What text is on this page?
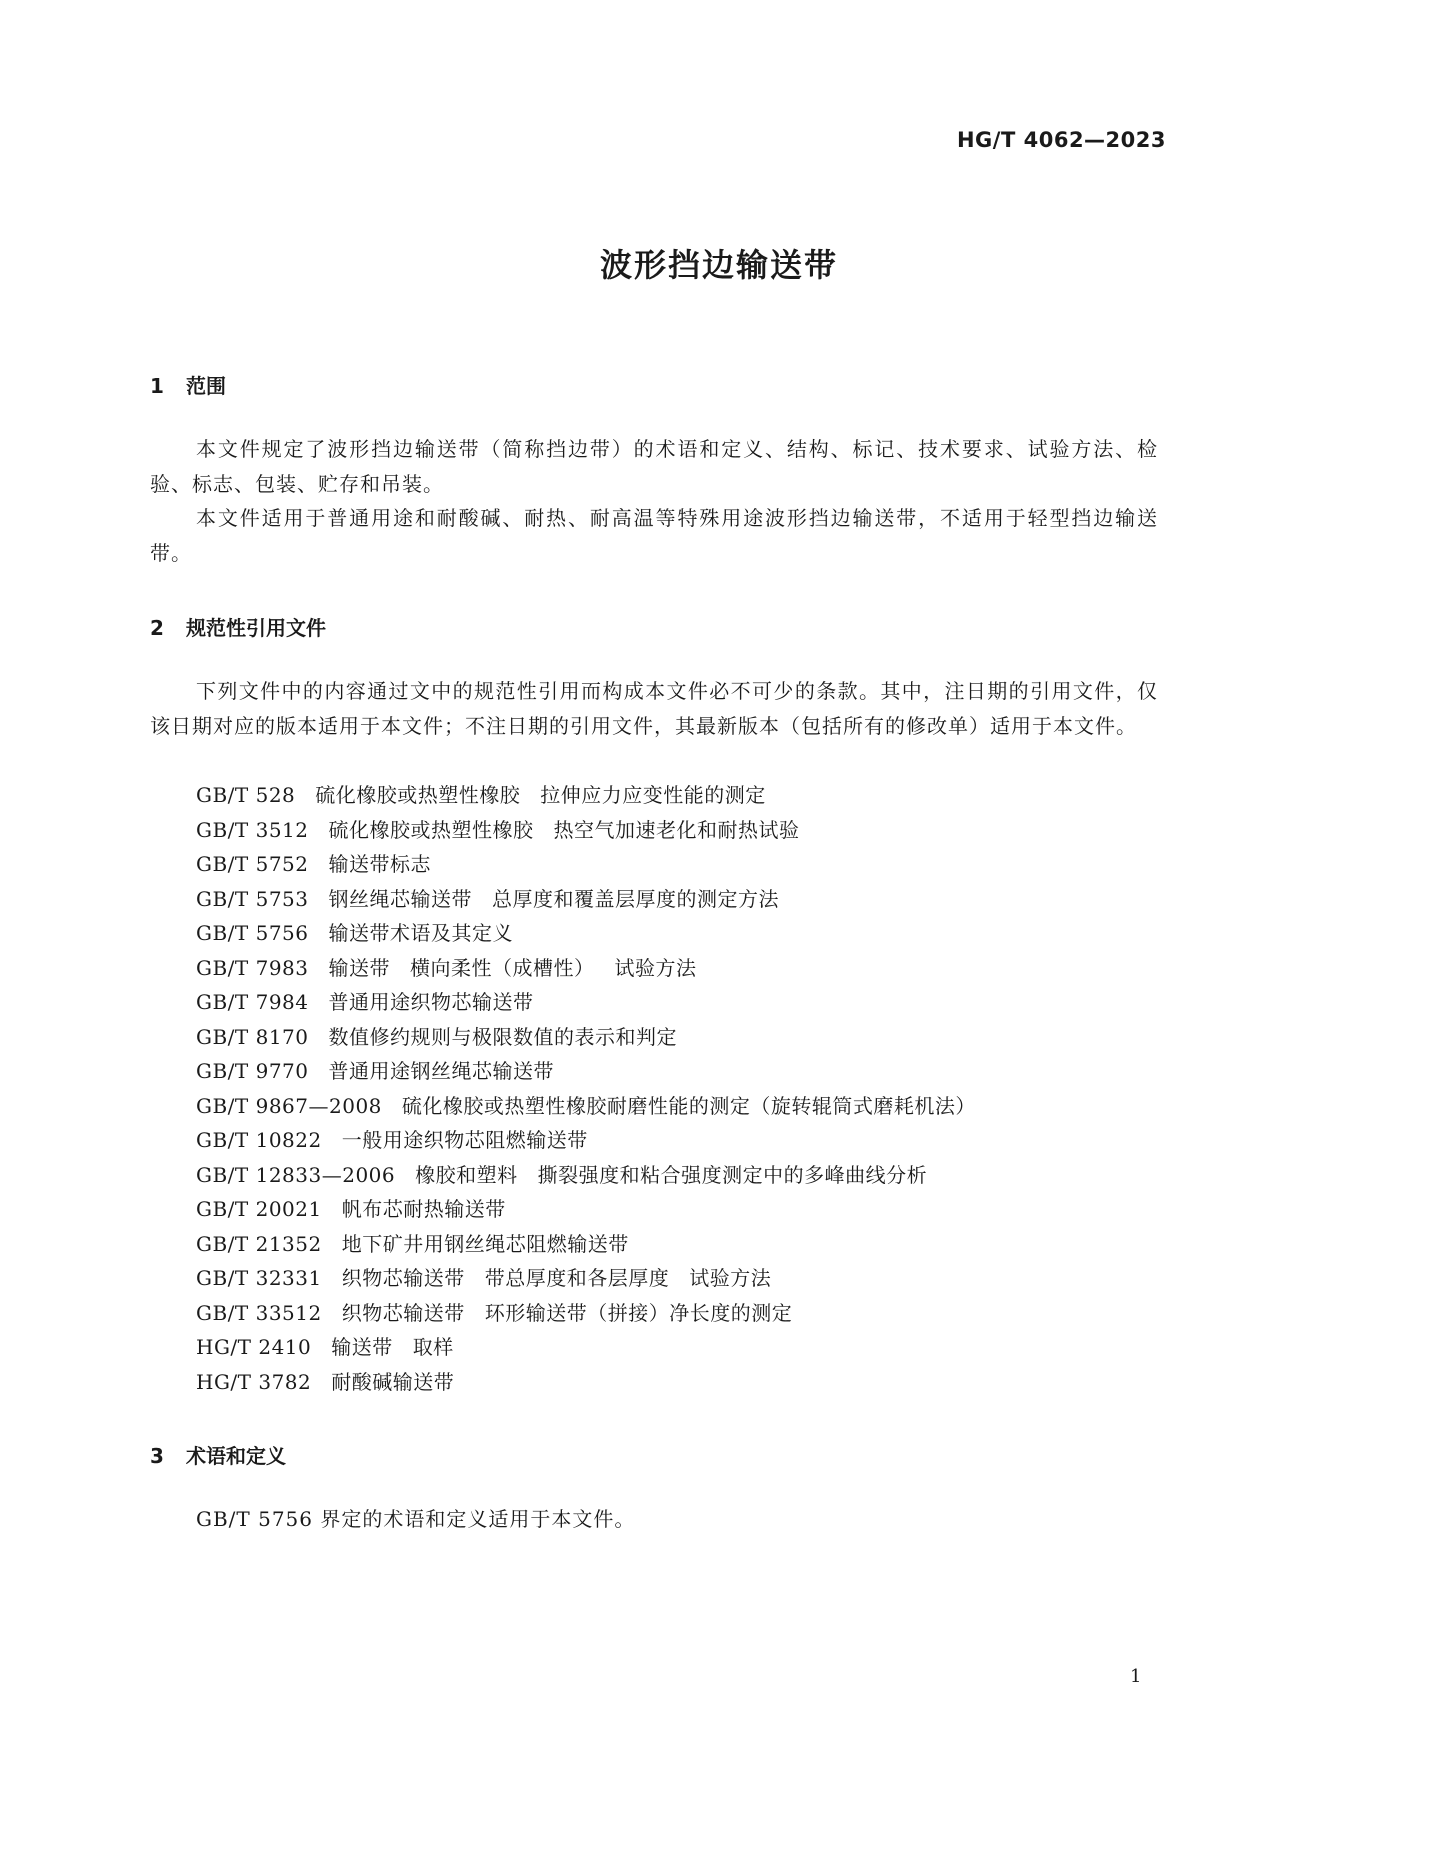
HG/T 4062—2023
波形挡边输送带
1 范围

本文件规定了波形挡边输送带（简称挡边带）的术语和定义、结构、标记、技术要求、试验方法、检验、标志、包装、贮存和吊装。

本文件适用于普通用途和耐酸碱、耐热、耐高温等特殊用途波形挡边输送带，不适用于轻型挡边输送带。

2 规范性引用文件

下列文件中的内容通过文中的规范性引用而构成本文件必不可少的条款。其中，注日期的引用文件，仅该日期对应的版本适用于本文件；不注日期的引用文件，其最新版本（包括所有的修改单）适用于本文件。

GB/T 528 硫化橡胶或热塑性橡胶 拉伸应力应变性能的测定
GB/T 3512 硫化橡胶或热塑性橡胶 热空气加速老化和耐热试验
GB/T 5752 输送带标志
GB/T 5753 钢丝绳芯输送带 总厚度和覆盖层厚度的测定方法
GB/T 5756 输送带术语及其定义
GB/T 7983 输送带 横向柔性（成槽性） 试验方法
GB/T 7984 普通用途织物芯输送带
GB/T 8170 数值修约规则与极限数值的表示和判定
GB/T 9770 普通用途钢丝绳芯输送带
GB/T 9867—2008 硫化橡胶或热塑性橡胶耐磨性能的测定（旋转辊筒式磨耗机法）
GB/T 10822 一般用途织物芯阻燃输送带
GB/T 12833—2006 橡胶和塑料 撕裂强度和粘合强度测定中的多峰曲线分析
GB/T 20021 帆布芯耐热输送带
GB/T 21352 地下矿井用钢丝绳芯阻燃输送带
GB/T 32331 织物芯输送带 带总厚度和各层厚度 试验方法
GB/T 33512 织物芯输送带 环形输送带（拼接）净长度的测定
HG/T 2410 输送带 取样
HG/T 3782 耐酸碱输送带
3 术语和定义

GB/T 5756 界定的术语和定义适用于本文件。

1
